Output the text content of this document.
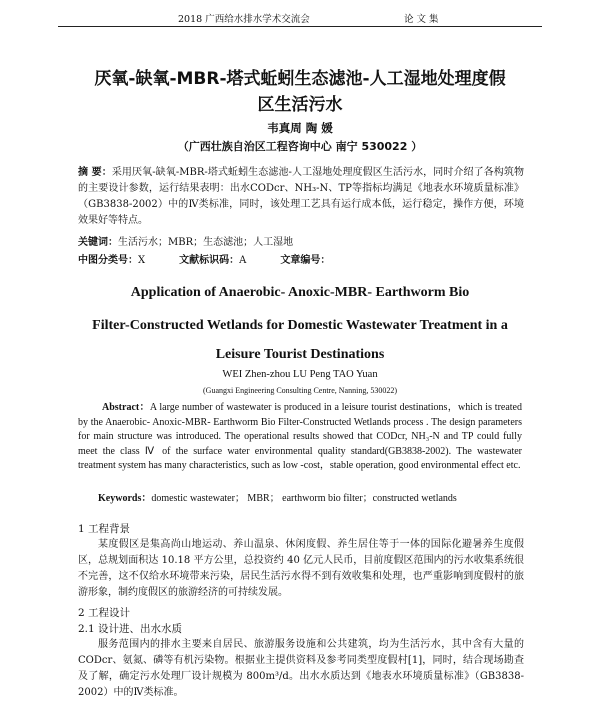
2018 广西给水排水学术交流会	论 文 集
厌氧-缺氧-MBR-塔式蚯蚓生态滤池-人工湿地处理度假
区生活污水
韦真周 陶 媛
（广西壮族自治区工程咨询中心 南宁 530022 ）
摘 要：采用厌氧-缺氧-MBR-塔式蚯蚓生态滤池-人工湿地处理度假区生活污水，同时介绍了各构筑物的主要设计参数，运行结果表明：出水CODcr、NH₃-N、TP等指标均满足《地表水环境质量标准》（GB3838-2002）中的Ⅳ类标准，同时，该处理工艺具有运行成本低，运行稳定，操作方便，环境效果好等特点。
关键词：生活污水；MBR；生态滤池；人工湿地
中图分类号：X	文献标识码：A	文章编号：
Application of Anaerobic- Anoxic-MBR- Earthworm Bio
Filter-Constructed Wetlands for Domestic Wastewater Treatment in a
Leisure Tourist Destinations
WEI Zhen-zhou LU Peng TAO Yuan
(Guangxi Engineering Consulting Centre, Nanning, 530022)
Abstract：A large number of wastewater is produced in a leisure tourist destinations，which is treated by the Anaerobic- Anoxic-MBR- Earthworm Bio Filter-Constructed Wetlands process . The design parameters for main structure was introduced. The operational results showed that CODcr, NH₃-N and TP could fully meet the class Ⅳ of the surface water environmental quality standard(GB3838-2002). The wastewater treatment system has many characteristics, such as low -cost，stable operation, good environmental effect etc.
Keywords：domestic wastewater； MBR； earthworm bio filter；constructed wetlands
1 工程背景
某度假区是集高尚山地运动、养山温泉、休闲度假、养生居住等于一体的国际化避暑养生度假区，总规划面积达 10.18 平方公里，总投资约 40 亿元人民币，目前度假区范围内的污水收集系统很不完善，这不仅给水环境带来污染，居民生活污水得不到有效收集和处理，也严重影响到度假村的旅游形象，制约度假区的旅游经济的可持续发展。
2 工程设计
2.1 设计进、出水水质
服务范围内的排水主要来自居民、旅游服务设施和公共建筑，均为生活污水，其中含有大量的CODcr、氨氮、磷等有机污染物。根据业主提供资料及参考同类型度假村[1]，同时，结合现场勘查及了解，确定污水处理厂设计规模为 800m³/d。出水水质达到《地表水环境质量标准》（GB3838-2002）中的Ⅳ类标准。
